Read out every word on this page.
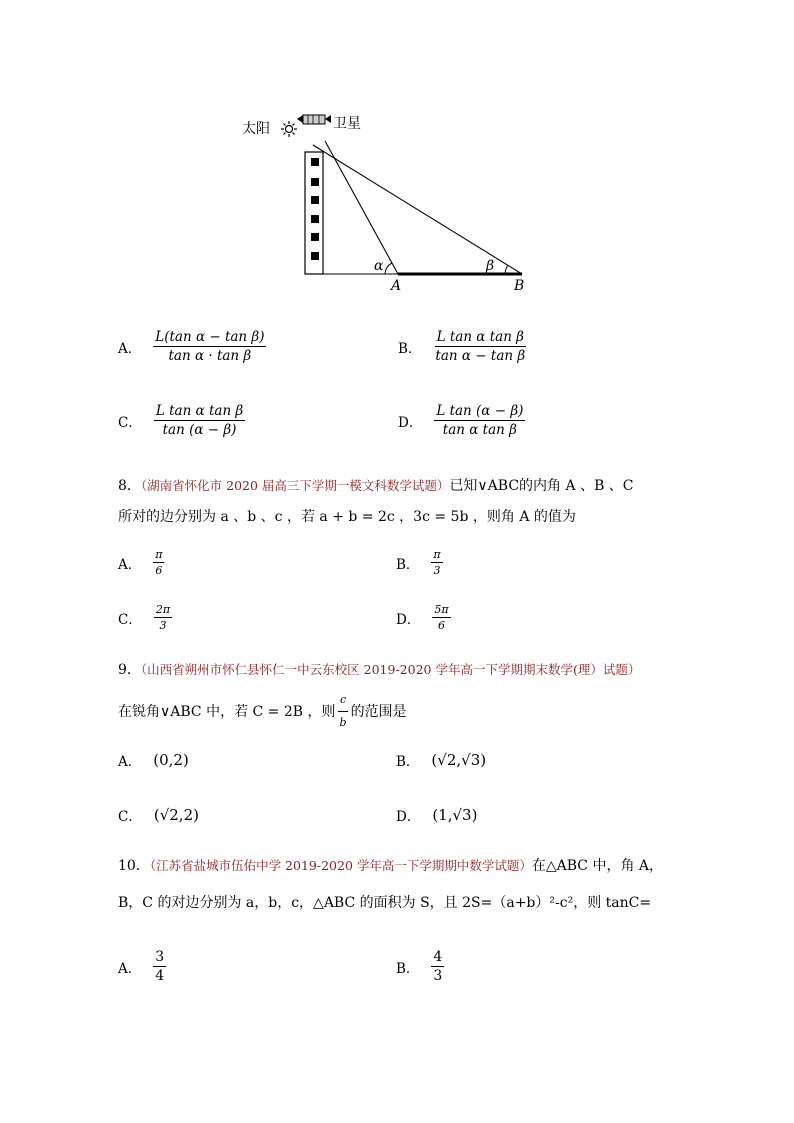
太阳	卫星
α	β
A	B
A． $\frac{\text{L(tan α − tan β)}}{\text{tan α · tan β}}$	B． $\frac{\text{L tan α tan β}}{\text{tan α − tan β}}$
C． $\frac{\text{L tan α tan β}}{\tan (\alpha - \beta)}$	D． $\frac{\text{L tan (α − β)}}{\text{tan α tan β}}$
8．（湖南省怀化市 2020 届高三下学期一模文科数学试题）已知∨ABC的内角 A 、B 、C
所对的边分别为 a 、b 、c ，若 a + b = 2c ，3c = 5b ，则角 A 的值为
A． $\frac{\pi}{6}$	B． $\frac{\pi}{3}$
C． $\frac{2\pi}{3}$	D． $\frac{5\pi}{6}$
9．（山西省朔州市怀仁县怀仁一中云东校区 2019-2020 学年高一下学期期末数学(理）试题）
在锐角∨ABC 中，若 C = 2B ，则 $\frac{c}{b}$ 的范围是
A． (0,2)	B． (√2,√3)
C． (√2,2)	D． (1,√3)
10．（江苏省盐城市伍佑中学 2019-2020 学年高一下学期期中数学试题）在△ABC 中，角 A，
B，C 的对边分别为 a，b，c，△ABC 的面积为 S，且 2S=（a+b）²-c²，则 tanC=
A． $\frac{3}{4}$	B． $\frac{4}{3}$
